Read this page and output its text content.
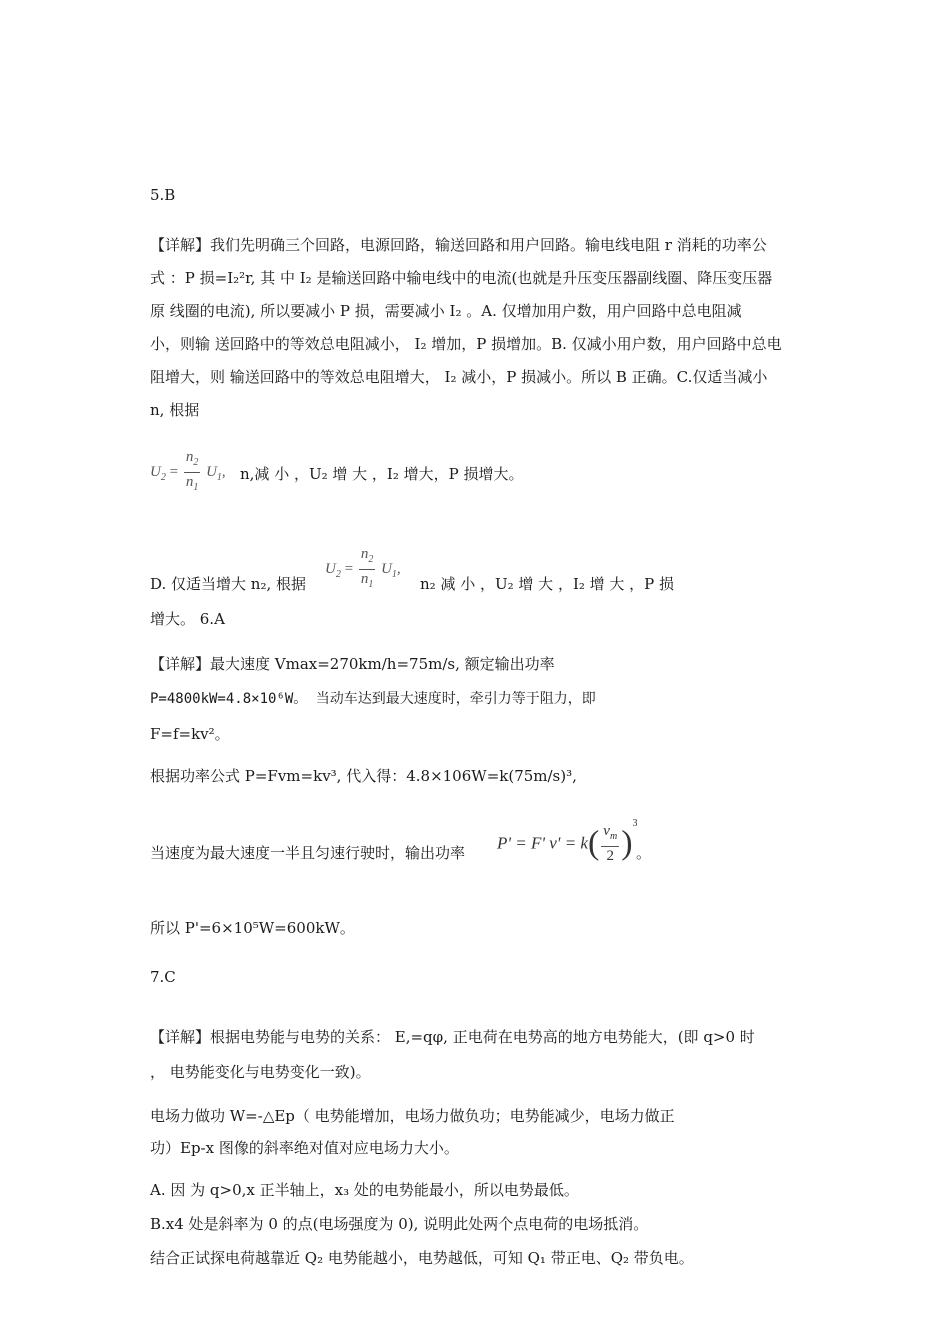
5.B
【详解】我们先明确三个回路，电源回路，输送回路和用户回路。输电线电阻 r 消耗的功率公
式 ：P 损=I₂²r, 其 中 I₂ 是输送回路中输电线中的电流(也就是升压变压器副线圈、降压变压器
原 线圈的电流), 所以要减小 P 损，需要减小 I₂ 。A. 仅增加用户数，用户回路中总电阻减
小，则输 送回路中的等效总电阻减小， I₂ 增加，P 损增加。B. 仅减小用户数，用户回路中总电
阻增大，则 输送回路中的等效总电阻增大， I₂ 减小，P 损减小。所以 B 正确。C.仅适当减小
n, 根据
$U_2 = \frac{n_2}{n_1} U_1$, n,减 小 ，U₂ 增 大 ，I₂ 增大，P 损增大。
D. 仅适当增大 n₂, 根据
$U_2 = \frac{n_2}{n_1} U_1$,
n₂ 减 小 ，U₂ 增 大 ，I₂ 增 大 ，P 损
增大。 6.A
【详解】最大速度 Vmax=270km/h=75m/s, 额定输出功率
P=4800kW=4.8×10⁶W。 当动车达到最大速度时，牵引力等于阻力，即
F=f=kv²。
根据功率公式 P=Fvm=kv³, 代入得：4.8×106W=k(75m/s)³,
当速度为最大速度一半且匀速行驶时，输出功率
P' = F' $v' = k( \frac{v_m}{2} )^3$
。
所以 P'=6×10⁵W=600kW。
7.C
【详解】根据电势能与电势的关系： E,=qφ, 正电荷在电势高的地方电势能大，(即 q>0 时
， 电势能变化与电势变化一致)。
电场力做功 W=-△Ep（ 电势能增加，电场力做负功；电势能减少，电场力做正
功）Ep-x 图像的斜率绝对值对应电场力大小。
A. 因 为 q>0,x 正半轴上，x₃ 处的电势能最小，所以电势最低。
B.x4 处是斜率为 0 的点(电场强度为 0), 说明此处两个点电荷的电场抵消。
结合正试探电荷越靠近 Q₂ 电势能越小，电势越低，可知 Q₁ 带正电、Q₂ 带负电。
